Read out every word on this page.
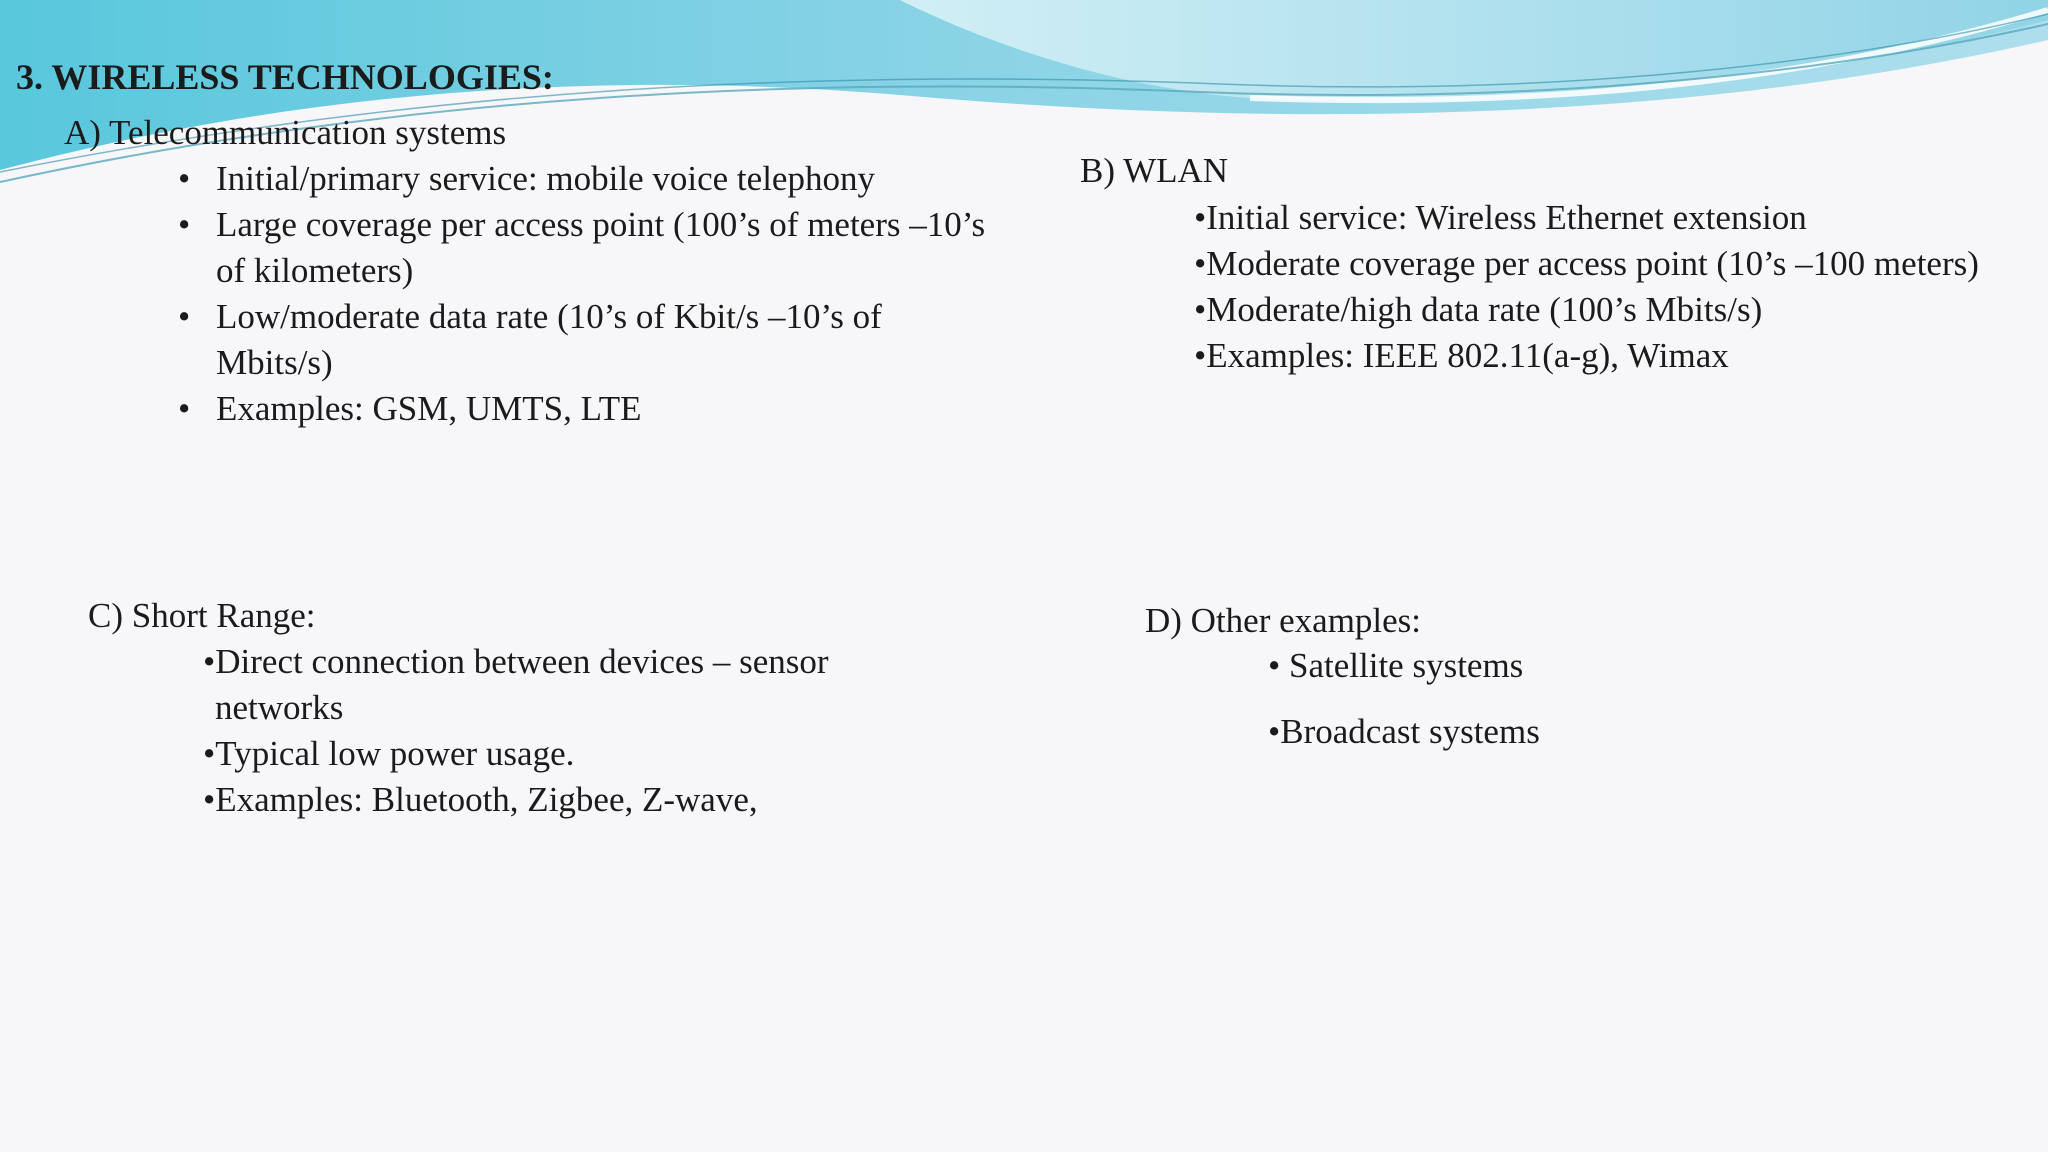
3. WIRELESS TECHNOLOGIES:
A) Telecommunication systems
• Initial/primary service: mobile voice telephony
• Large coverage per access point (100’s of meters –10’s
of kilometers)
• Low/moderate data rate (10’s of Kbit/s –10’s of
Mbits/s)
• Examples: GSM, UMTS, LTE
B) WLAN
•Initial service: Wireless Ethernet extension
•Moderate coverage per access point (10’s –100 meters)
•Moderate/high data rate (100’s Mbits/s)
•Examples: IEEE 802.11(a-g), Wimax
C) Short Range:
•Direct connection between devices – sensor
networks
•Typical low power usage.
•Examples: Bluetooth, Zigbee, Z-wave,
D) Other examples:
• Satellite systems
•Broadcast systems
